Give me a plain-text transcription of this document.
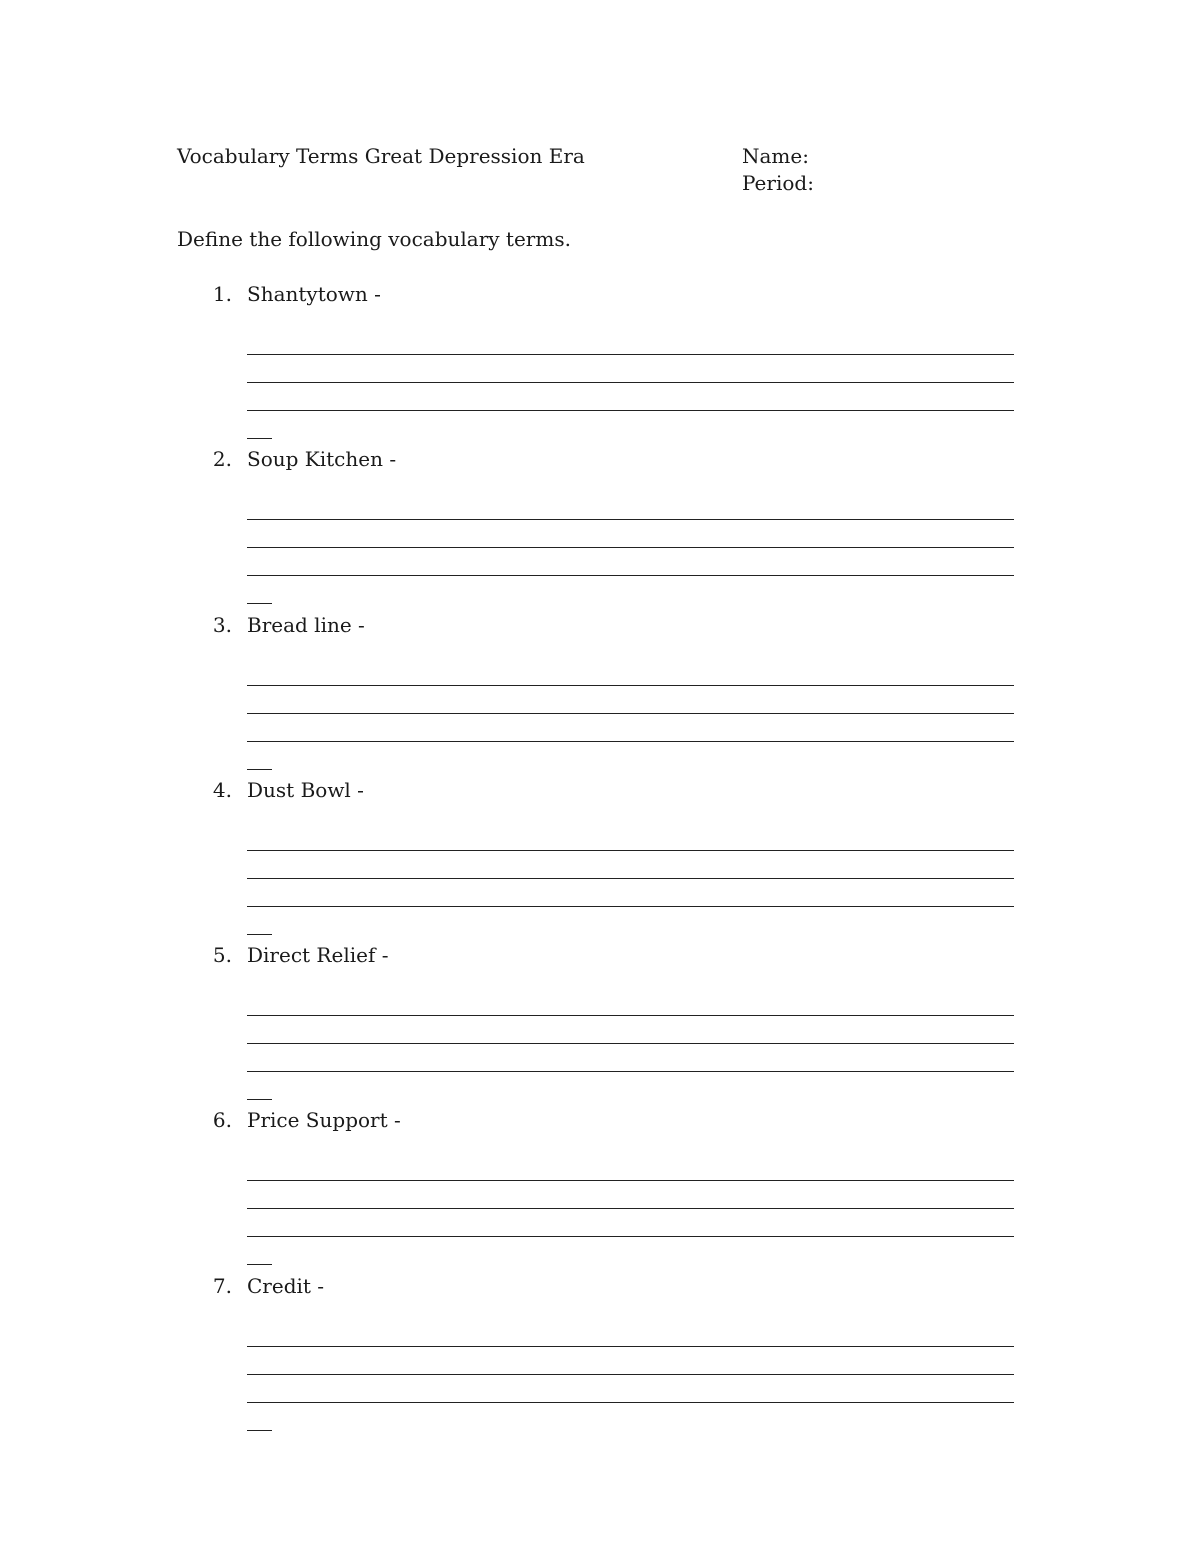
Vocabulary Terms Great Depression Era	Name:
Period:
Define the following vocabulary terms.
1. Shantytown -
2. Soup Kitchen -
3. Bread line -
4. Dust Bowl -
5. Direct Relief -
6. Price Support -
7. Credit -
